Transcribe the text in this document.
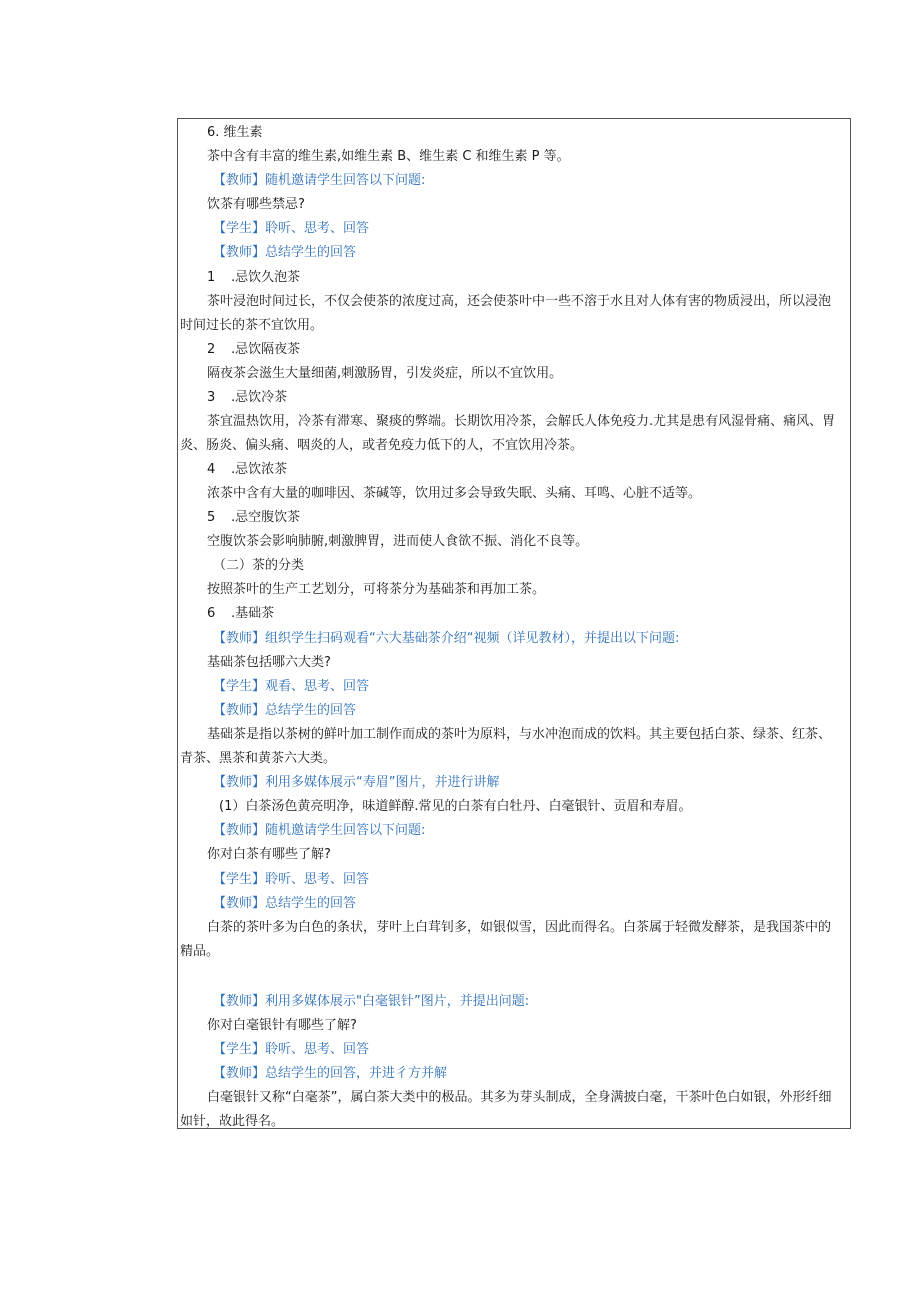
6. 维生素
茶中含有丰富的维生素,如维生素 B、维生素 C 和维生素 P 等。
【教师】随机邀请学生回答以下问题:
饮茶有哪些禁忌?
【学生】聆听、思考、回答
【教师】总结学生的回答
1 .忌饮久泡茶
茶叶浸泡时间过长，不仅会使茶的浓度过高，还会使茶叶中一些不溶于水且对人体有害的物质浸出，所以浸泡
时间过长的茶不宜饮用。
2 .忌饮隔夜茶
隔夜茶会滋生大量细菌,刺激肠胃，引发炎症，所以不宜饮用。
3 .忌饮冷茶
茶宜温热饮用，冷茶有滞寒、聚痰的弊端。长期饮用冷茶，会解氏人体免疫力.尤其是患有风湿骨痛、痛风、胃
炎、肠炎、偏头痛、咽炎的人，或者免疫力低下的人，不宜饮用冷茶。
4 .忌饮浓茶
浓茶中含有大量的咖啡因、茶碱等，饮用过多会导致失眠、头痛、耳鸣、心脏不适等。
5 .忌空腹饮茶
空腹饮茶会影响肺腑,刺激脾胃，进而使人食欲不振、消化不良等。
（二）茶的分类
按照茶叶的生产工艺划分，可将茶分为基础茶和再加工茶。
6 .基础茶
【教师】组织学生扫码观看“六大基础茶介绍“视频（详见教材），并提出以下问题:
基础茶包括哪六大类?
【学生】观看、思考、回答
【教师】总结学生的回答
基础茶是指以茶树的鲜叶加工制作而成的茶叶为原料，与水冲泡而成的饮料。其主要包括白茶、绿茶、红茶、
青茶、黑茶和黄茶六大类。
【教师】利用多媒体展示“寿眉”图片，并进行讲解
(1）白茶汤色黄亮明净，味道鲜醇.常见的白茶有白牡丹、白毫银针、贡眉和寿眉。
【教师】随机邀请学生回答以下问题:
你对白茶有哪些了解?
【学生】聆听、思考、回答
【教师】总结学生的回答
白茶的茶叶多为白色的条状，芽叶上白茸钊多，如银似雪，因此而得名。白茶属于轻微发酵茶，是我国茶中的
精品。
【教师】利用多媒体展示"白毫银针”图片，并提出问题:
你对白毫银针有哪些了解?
【学生】聆听、思考、回答
【教师】总结学生的回答，并进彳方并解
白毫银针又称“白毫茶”，属白茶大类中的极品。其多为芽头制成，全身满披白毫，干茶叶色白如银，外形纤细
如针，故此得名。
